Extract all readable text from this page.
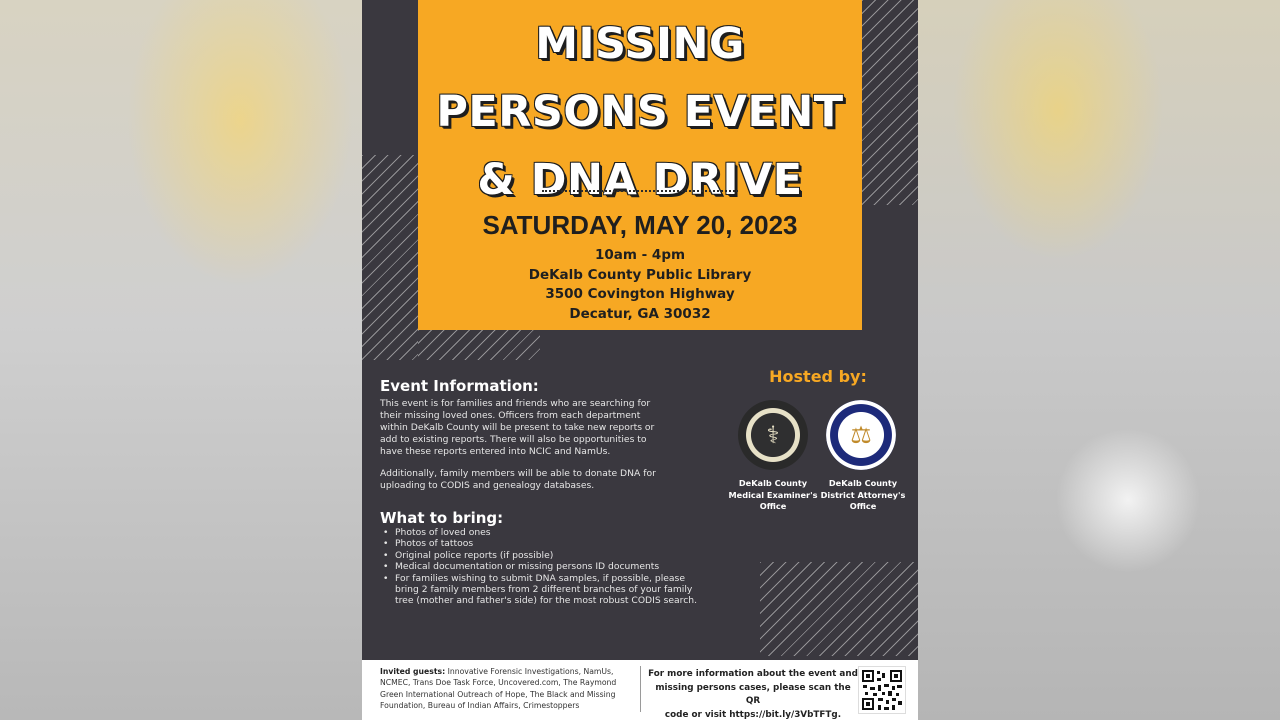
MISSING
PERSONS EVENT
& DNA DRIVE
SATURDAY, MAY 20, 2023
10am - 4pm
DeKalb County Public Library
3500 Covington Highway
Decatur, GA 30032
Event Information:
This event is for families and friends who are searching for
their missing loved ones. Officers from each department
within DeKalb County will be present to take new reports or
add to existing reports. There will also be opportunities to
have these reports entered into NCIC and NamUs.
Additionally, family members will be able to donate DNA for
uploading to CODIS and genealogy databases.
What to bring:
• Photos of loved ones
• Photos of tattoos
• Original police reports (if possible)
• Medical documentation or missing persons ID documents
• For families wishing to submit DNA samples, if possible, please bring 2 family members from 2 different branches of your family tree (mother and father's side) for the most robust CODIS search.
Hosted by:
⚕	⚖
DeKalb County
Medical Examiner's
Office
DeKalb County
District Attorney's
Office
Invited guests: Innovative Forensic Investigations, NamUs, NCMEC, Trans Doe Task Force, Uncovered.com, The Raymond Green International Outreach of Hope, The Black and Missing Foundation, Bureau of Indian Affairs, Crimestoppers
For more information about the event and
missing persons cases, please scan the QR
code or visit https://bit.ly/3VbTFTg.
